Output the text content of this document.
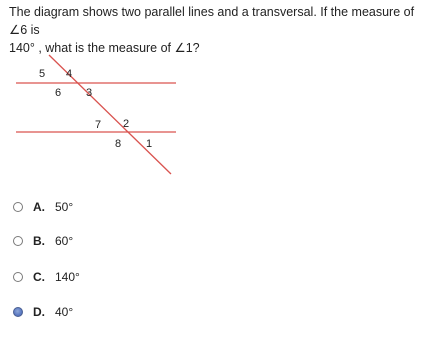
The diagram shows two parallel lines and a transversal. If the measure of ∠6 is
140° , what is the measure of ∠1?
5 4
6 3
7 2
8 1
A. 50°
B. 60°
C. 140°
D. 40°
